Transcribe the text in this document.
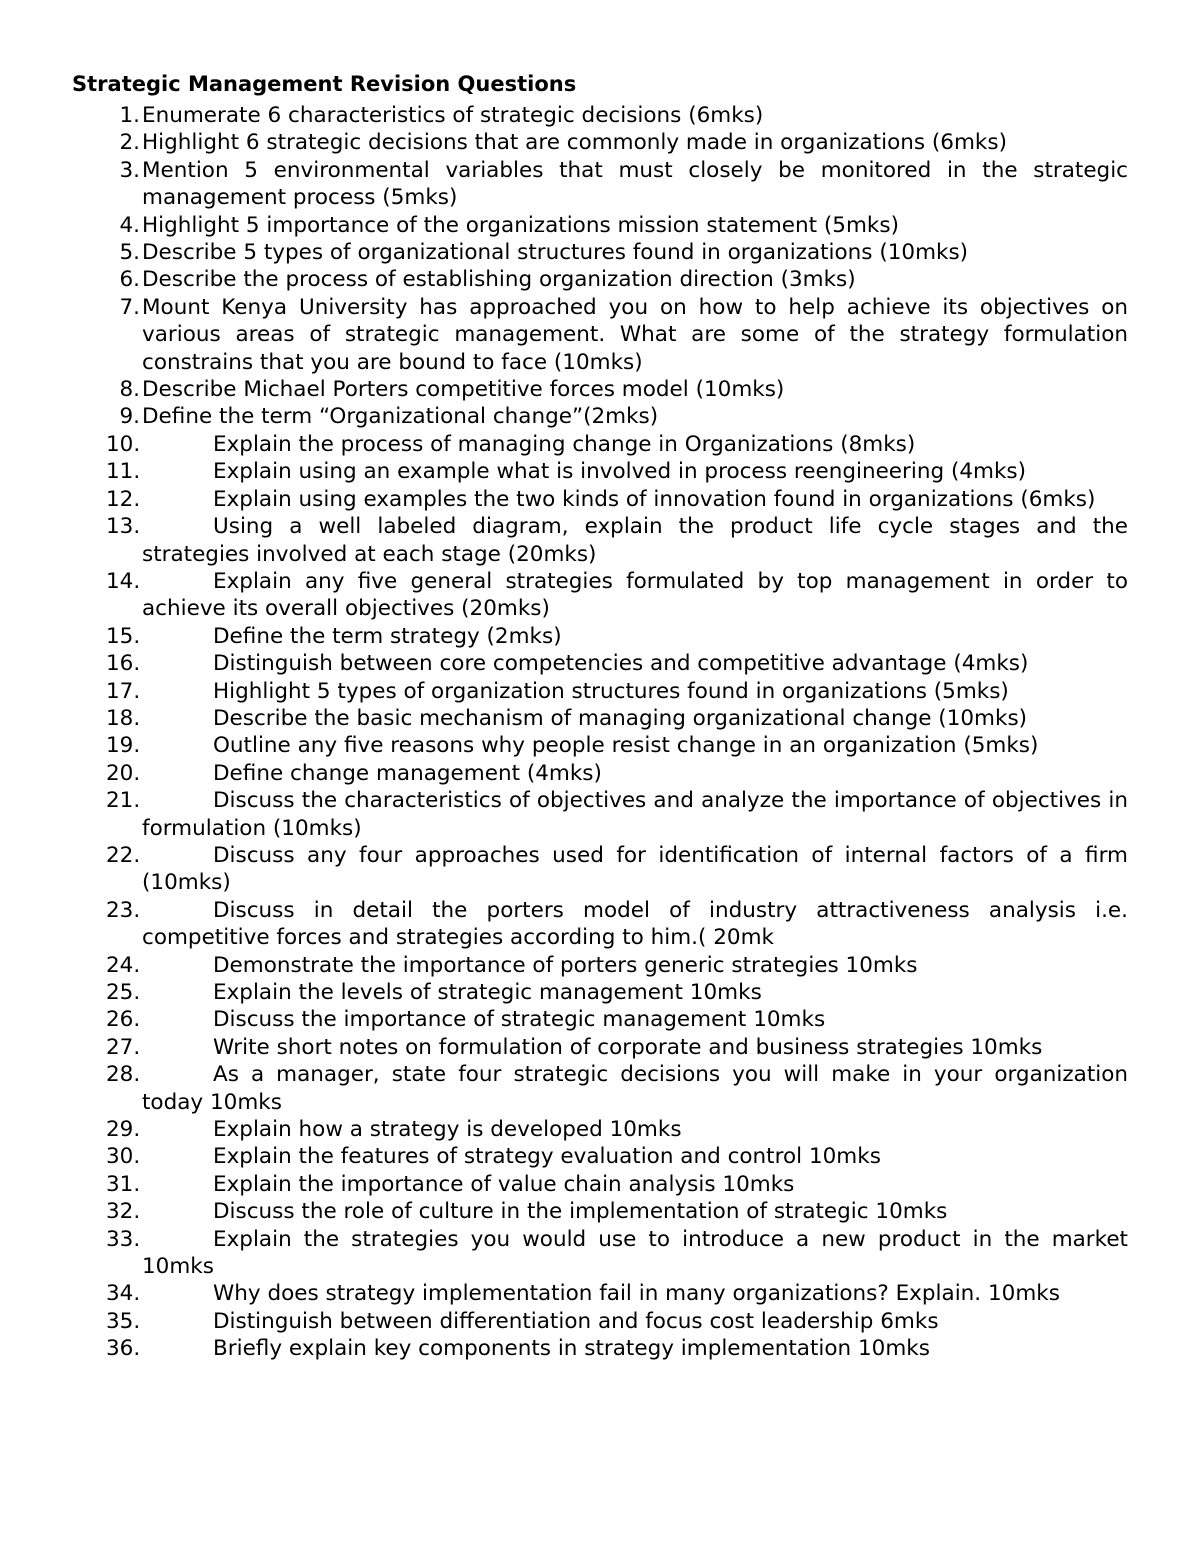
Strategic Management Revision Questions
1. Enumerate 6 characteristics of strategic decisions (6mks)
2. Highlight 6 strategic decisions that are commonly made in organizations (6mks)
3. Mention 5 environmental variables that must closely be monitored in the strategic management process (5mks)
4. Highlight 5 importance of the organizations mission statement (5mks)
5. Describe 5 types of organizational structures found in organizations (10mks)
6. Describe the process of establishing organization direction (3mks)
7. Mount Kenya University has approached you on how to help achieve its objectives on various areas of strategic management. What are some of the strategy formulation constrains that you are bound to face (10mks)
8. Describe Michael Porters competitive forces model (10mks)
9. Define the term “Organizational change”(2mks)
10.	Explain the process of managing change in Organizations (8mks)
11.	Explain using an example what is involved in process reengineering (4mks)
12.	Explain using examples the two kinds of innovation found in organizations (6mks)
13.	Using a well labeled diagram, explain the product life cycle stages and the strategies involved at each stage (20mks)
14.	Explain any five general strategies formulated by top management in order to achieve its overall objectives (20mks)
15.	Define the term strategy (2mks)
16.	Distinguish between core competencies and competitive advantage (4mks)
17.	Highlight 5 types of organization structures found in organizations (5mks)
18.	Describe the basic mechanism of managing organizational change (10mks)
19.	Outline any five reasons why people resist change in an organization (5mks)
20.	Define change management (4mks)
21.	Discuss the characteristics of objectives and analyze the importance of objectives in formulation (10mks)
22.	Discuss any four approaches used for identification of internal factors of a firm (10mks)
23.	Discuss in detail the porters model of industry attractiveness analysis i.e. competitive forces and strategies according to him.( 20mk
24.	Demonstrate the importance of porters generic strategies 10mks
25.	Explain the levels of strategic management 10mks
26.	Discuss the importance of strategic management 10mks
27.	Write short notes on formulation of corporate and business strategies 10mks
28.	As a manager, state four strategic decisions you will make in your organization today 10mks
29.	Explain how a strategy is developed 10mks
30.	Explain the features of strategy evaluation and control 10mks
31.	Explain the importance of value chain analysis 10mks
32.	Discuss the role of culture in the implementation of strategic 10mks
33.	Explain the strategies you would use to introduce a new product in the market 10mks
34.	Why does strategy implementation fail in many organizations? Explain. 10mks
35.	Distinguish between differentiation and focus cost leadership 6mks
36.	Briefly explain key components in strategy implementation 10mks
